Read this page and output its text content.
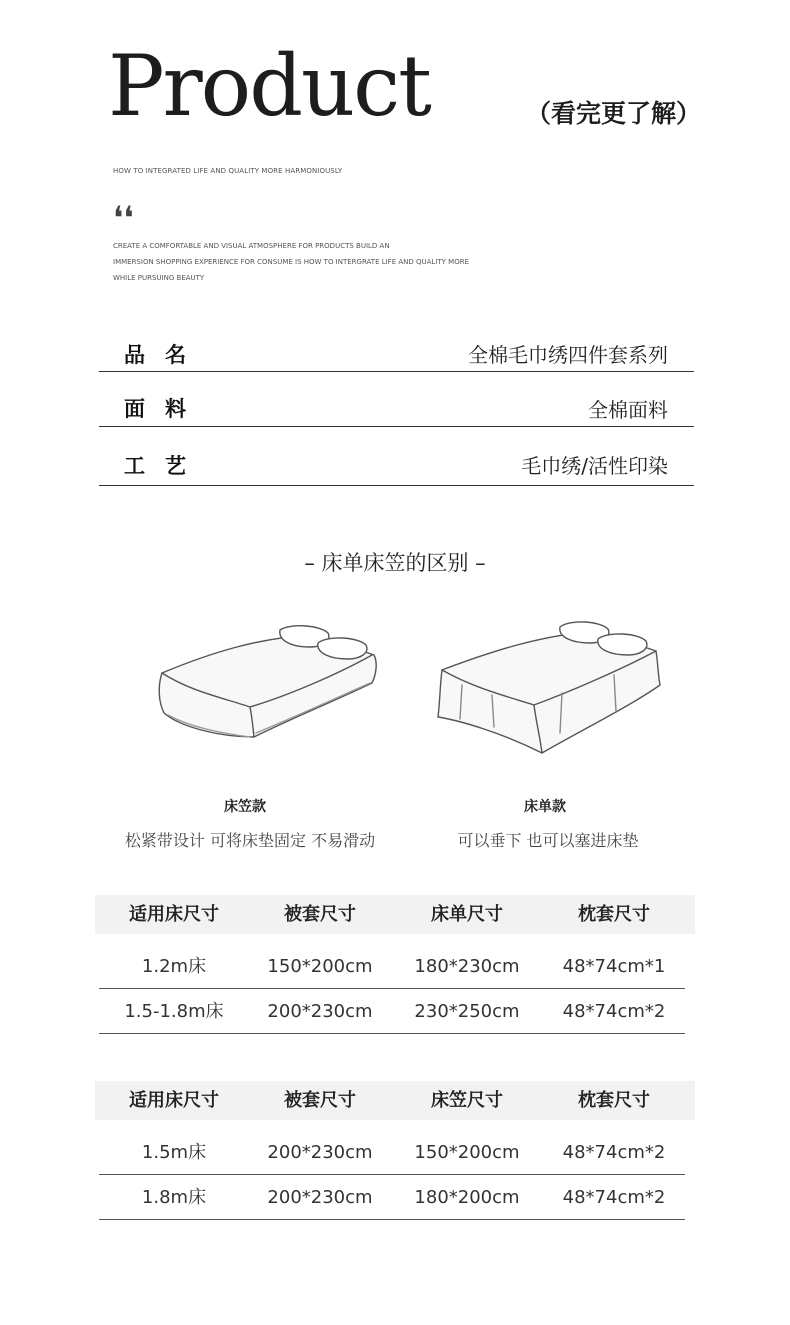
Product	（看完更了解）
HOW TO INTEGRATED LIFE AND QUALITY MORE HARMONIOUSLY
❛❛
CREATE A COMFORTABLE AND VISUAL ATMOSPHERE FOR PRODUCTS BUILD AN
IMMERSION SHOPPING EXPERIENCE FOR CONSUME IS HOW TO INTERGRATE LIFE AND QUALITY MORE
WHILE PURSUING BEAUTY
品名	全棉毛巾绣四件套系列
面料	全棉面料
工艺	毛巾绣/活性印染
– 床单床笠的区别 –
床笠款
松紧带设计 可将床垫固定 不易滑动
床单款
可以垂下 也可以塞进床垫
适用床尺寸	被套尺寸	床单尺寸	枕套尺寸
1.2m床	150*200cm	180*230cm	48*74cm*1
1.5-1.8m床	200*230cm	230*250cm	48*74cm*2
适用床尺寸	被套尺寸	床笠尺寸	枕套尺寸
1.5m床	200*230cm	150*200cm	48*74cm*2
1.8m床	200*230cm	180*200cm	48*74cm*2
